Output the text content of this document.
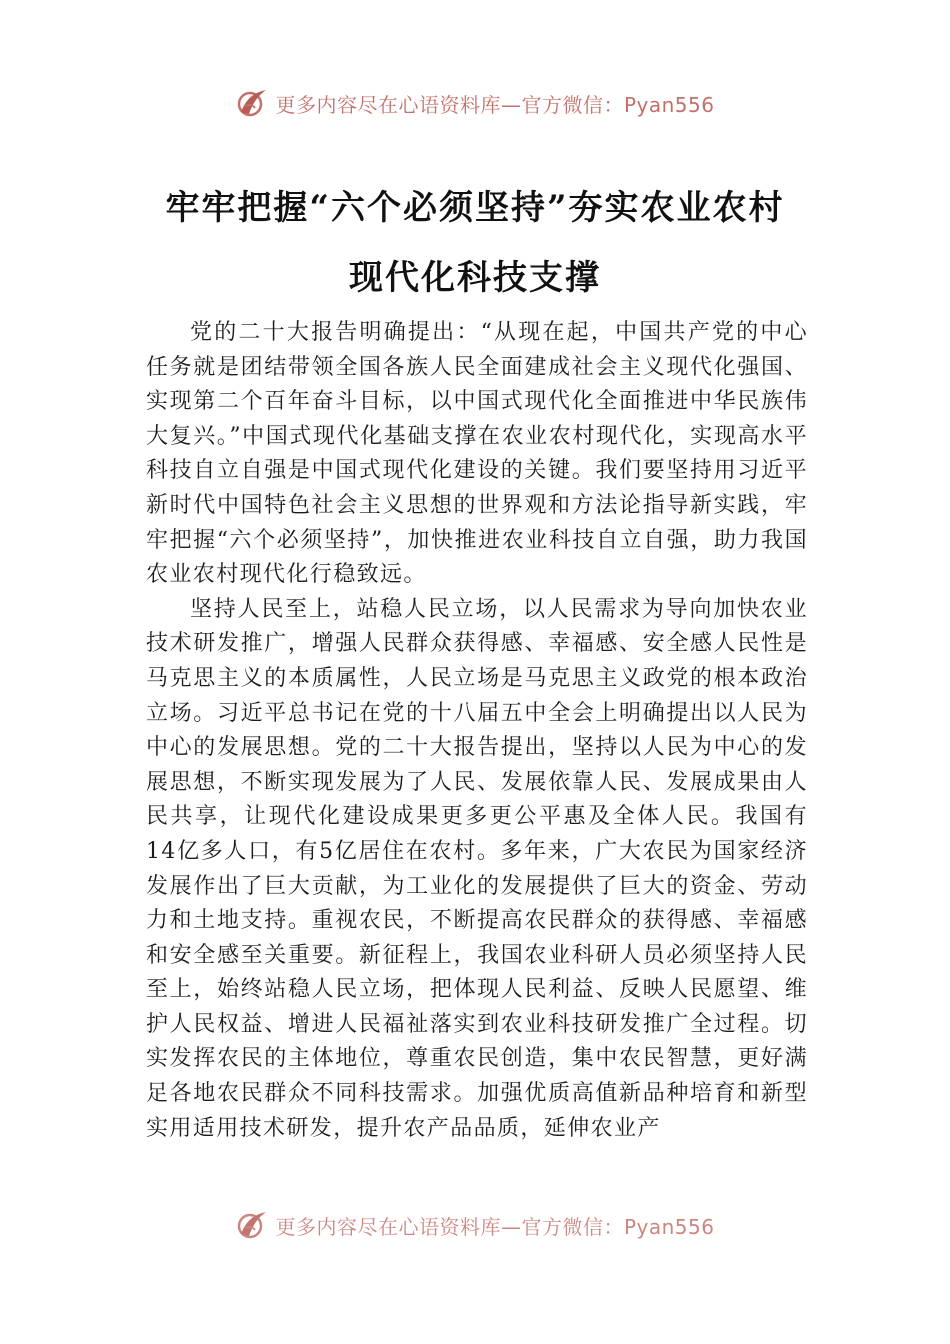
更多内容尽在心语资料库—官方微信：Pyan556
牢牢把握“六个必须坚持”夯实农业农村
现代化科技支撑

党的二十大报告明确提出：“从现在起，中国共产党的中心任务就是团结带领全国各族人民全面建成社会主义现代化强国、实现第二个百年奋斗目标，以中国式现代化全面推进中华民族伟大复兴。”中国式现代化基础支撑在农业农村现代化，实现高水平科技自立自强是中国式现代化建设的关键。我们要坚持用习近平新时代中国特色社会主义思想的世界观和方法论指导新实践，牢牢把握“六个必须坚持”，加快推进农业科技自立自强，助力我国农业农村现代化行稳致远。

坚持人民至上，站稳人民立场，以人民需求为导向加快农业技术研发推广，增强人民群众获得感、幸福感、安全感人民性是马克思主义的本质属性，人民立场是马克思主义政党的根本政治立场。习近平总书记在党的十八届五中全会上明确提出以人民为中心的发展思想。党的二十大报告提出，坚持以人民为中心的发展思想，不断实现发展为了人民、发展依靠人民、发展成果由人民共享，让现代化建设成果更多更公平惠及全体人民。我国有14亿多人口，有5亿居住在农村。多年来，广大农民为国家经济发展作出了巨大贡献，为工业化的发展提供了巨大的资金、劳动力和土地支持。重视农民，不断提高农民群众的获得感、幸福感和安全感至关重要。新征程上，我国农业科研人员必须坚持人民至上，始终站稳人民立场，把体现人民利益、反映人民愿望、维护人民权益、增进人民福祉落实到农业科技研发推广全过程。切实发挥农民的主体地位，尊重农民创造，集中农民智慧，更好满足各地农民群众不同科技需求。加强优质高值新品种培育和新型实用适用技术研发，提升农产品品质，延伸农业产

更多内容尽在心语资料库—官方微信：Pyan556
